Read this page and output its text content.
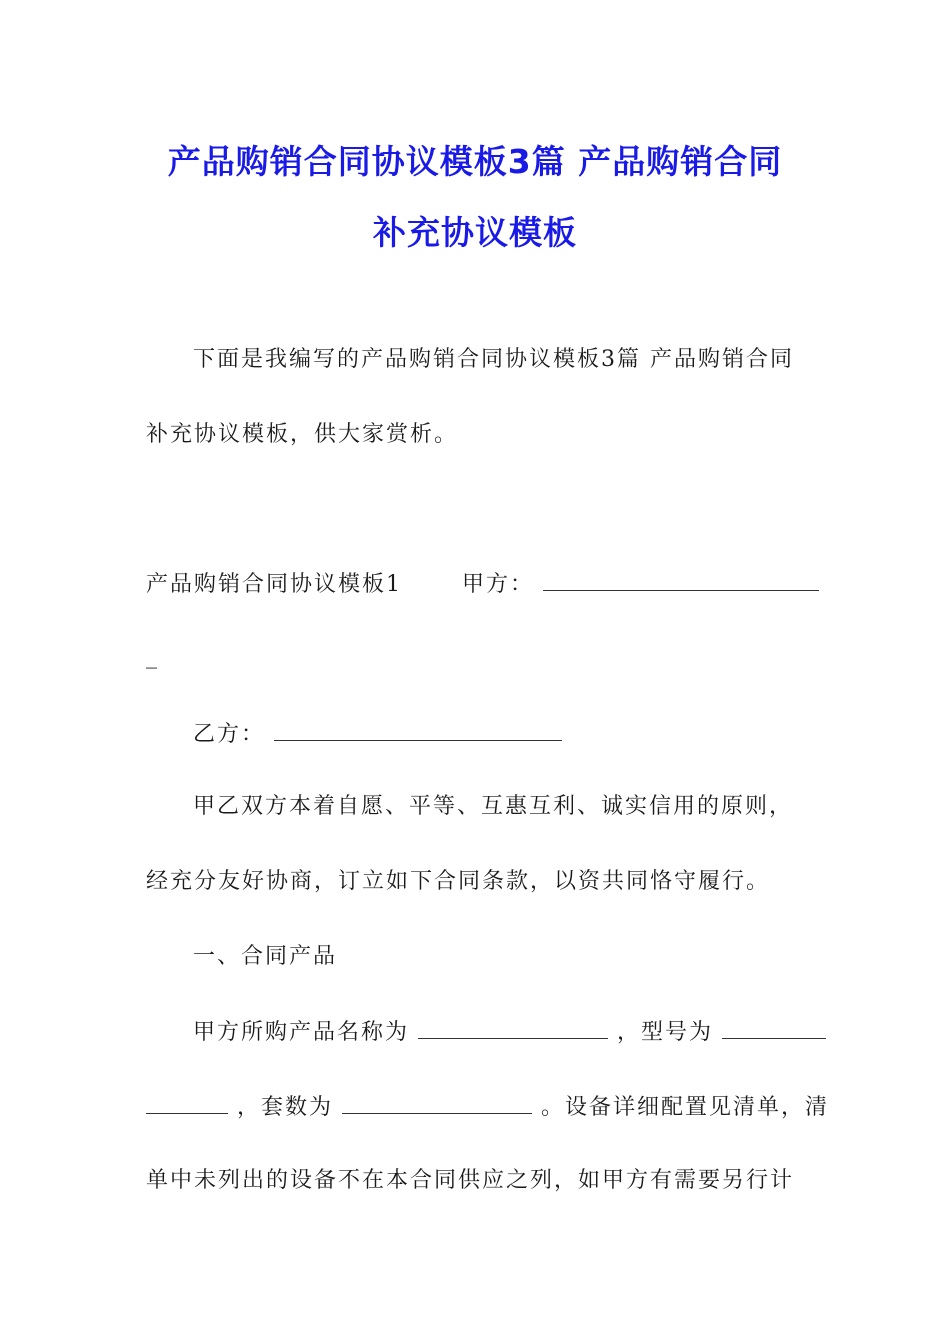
产品购销合同协议模板3篇 产品购销合同
补充协议模板
下面是我编写的产品购销合同协议模板3篇 产品购销合同
补充协议模板，供大家赏析。
产品购销合同协议模板1	甲方：
_
乙方：
甲乙双方本着自愿、平等、互惠互利、诚实信用的原则，
经充分友好协商，订立如下合同条款，以资共同恪守履行。
一、合同产品
甲方所购产品名称为	，型号为
，套数为	。设备详细配置见清单，清
单中未列出的设备不在本合同供应之列，如甲方有需要另行计
